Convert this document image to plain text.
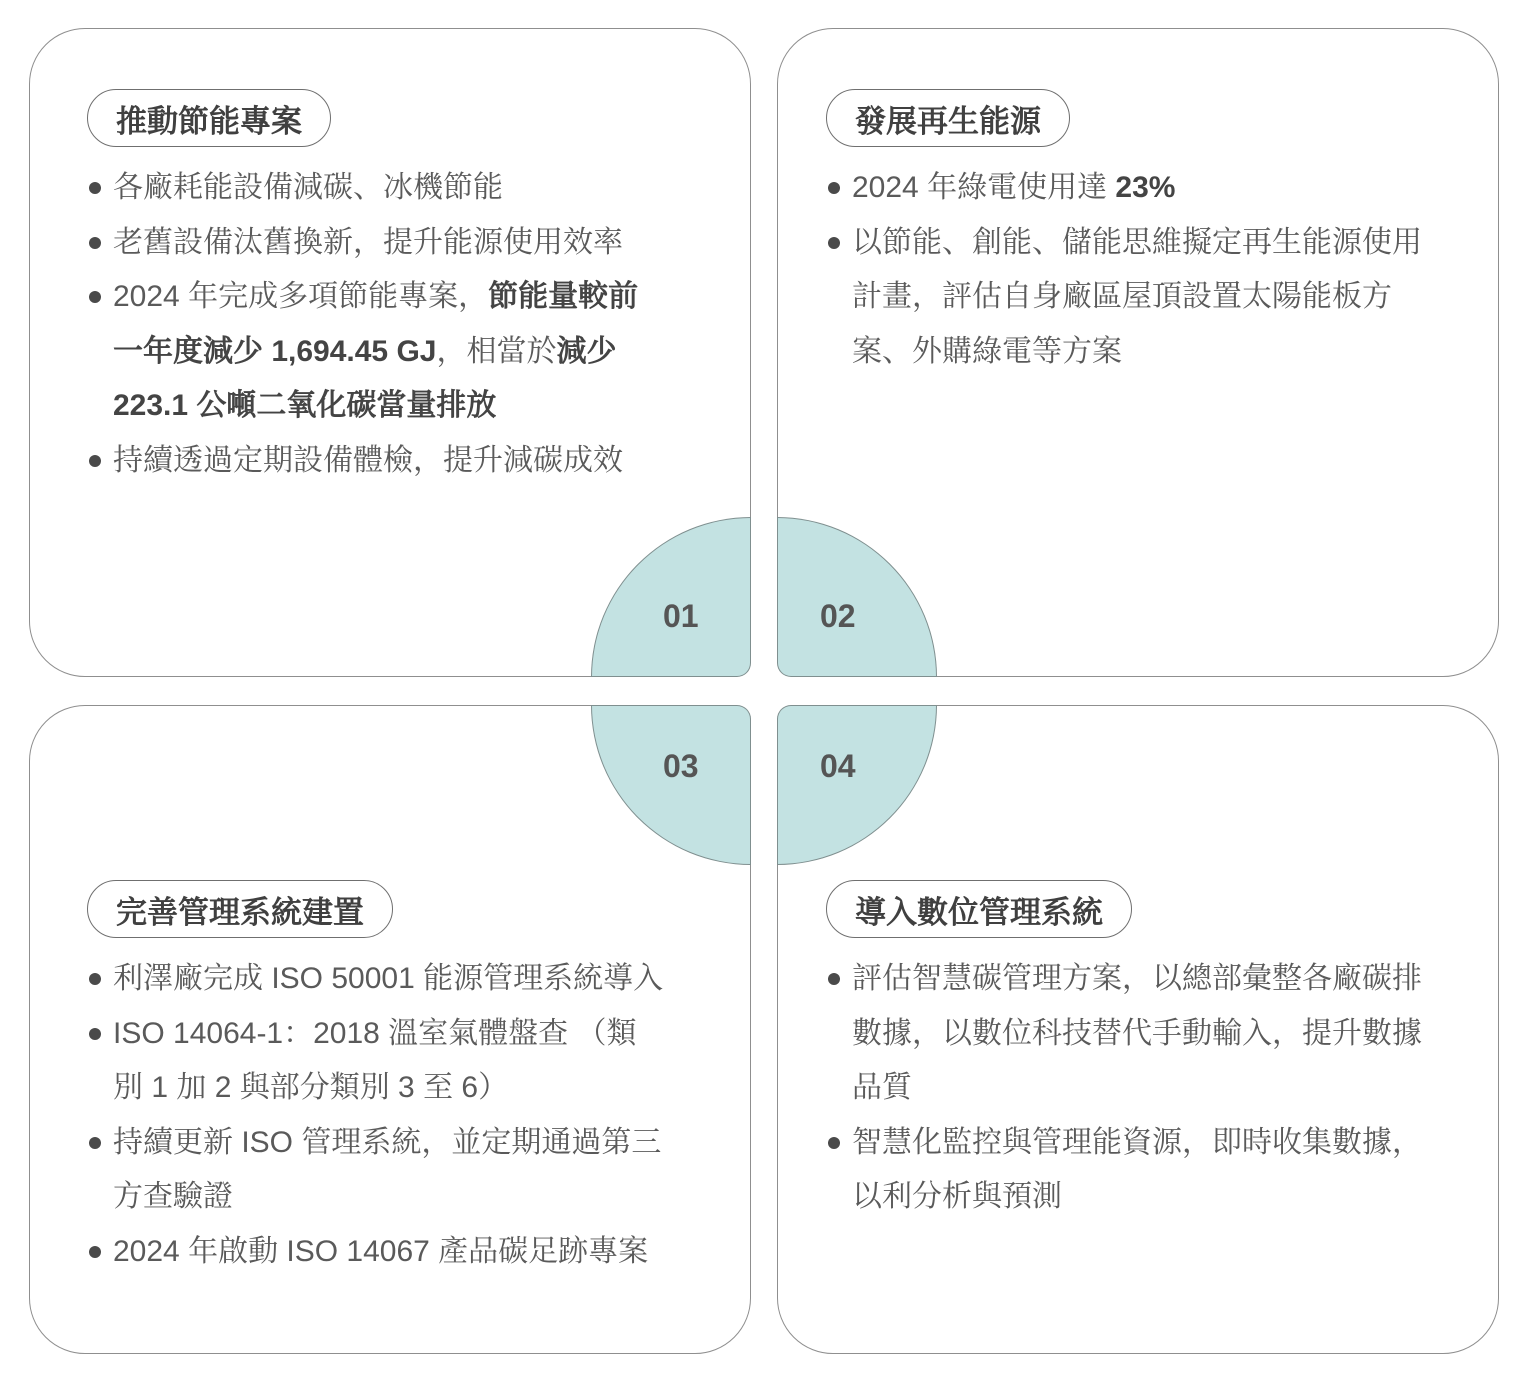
01	02
03	04
推動節能專案	發展再生能源
完善管理系統建置	導入數位管理系統
各廠耗能設備減碳、冰機節能
老舊設備汰舊換新，提升能源使用效率
2024 年完成多項節能專案，節能量較前一年度減少 1,694.45 GJ，相當於減少 223.1 公噸二氧化碳當量排放
持續透過定期設備體檢，提升減碳成效
2024 年綠電使用達 23%
以節能、創能、儲能思維擬定再生能源使用計畫，評估自身廠區屋頂設置太陽能板方案、外購綠電等方案
利澤廠完成 ISO 50001 能源管理系統導入
ISO 14064-1：2018 溫室氣體盤查 （類別 1 加 2 與部分類別 3 至 6）
持續更新 ISO 管理系統，並定期通過第三方查驗證
2024 年啟動 ISO 14067 產品碳足跡專案
評估智慧碳管理方案，以總部彙整各廠碳排數據，以數位科技替代手動輸入，提升數據品質
智慧化監控與管理能資源，即時收集數據，以利分析與預測
